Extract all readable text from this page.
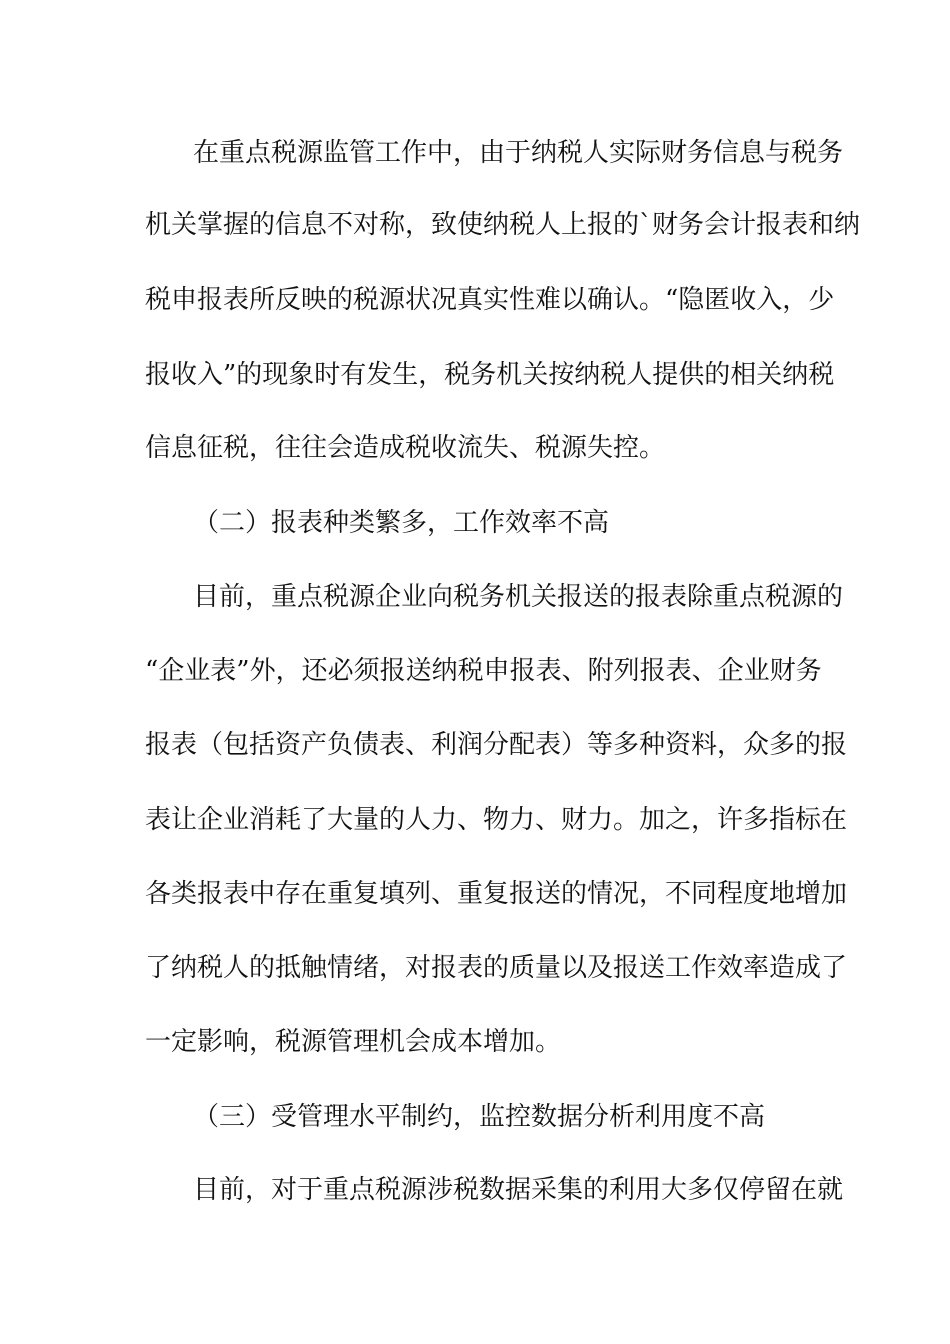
在重点税源监管工作中，由于纳税人实际财务信息与税务
机关掌握的信息不对称，致使纳税人上报的`财务会计报表和纳
税申报表所反映的税源状况真实性难以确认。“隐匿收入，少
报收入”的现象时有发生，税务机关按纳税人提供的相关纳税
信息征税，往往会造成税收流失、税源失控。
（二）报表种类繁多，工作效率不高
目前，重点税源企业向税务机关报送的报表除重点税源的
“企业表”外，还必须报送纳税申报表、附列报表、企业财务
报表（包括资产负债表、利润分配表）等多种资料，众多的报
表让企业消耗了大量的人力、物力、财力。加之，许多指标在
各类报表中存在重复填列、重复报送的情况，不同程度地增加
了纳税人的抵触情绪，对报表的质量以及报送工作效率造成了
一定影响，税源管理机会成本增加。
（三）受管理水平制约，监控数据分析利用度不高
目前，对于重点税源涉税数据采集的利用大多仅停留在就
